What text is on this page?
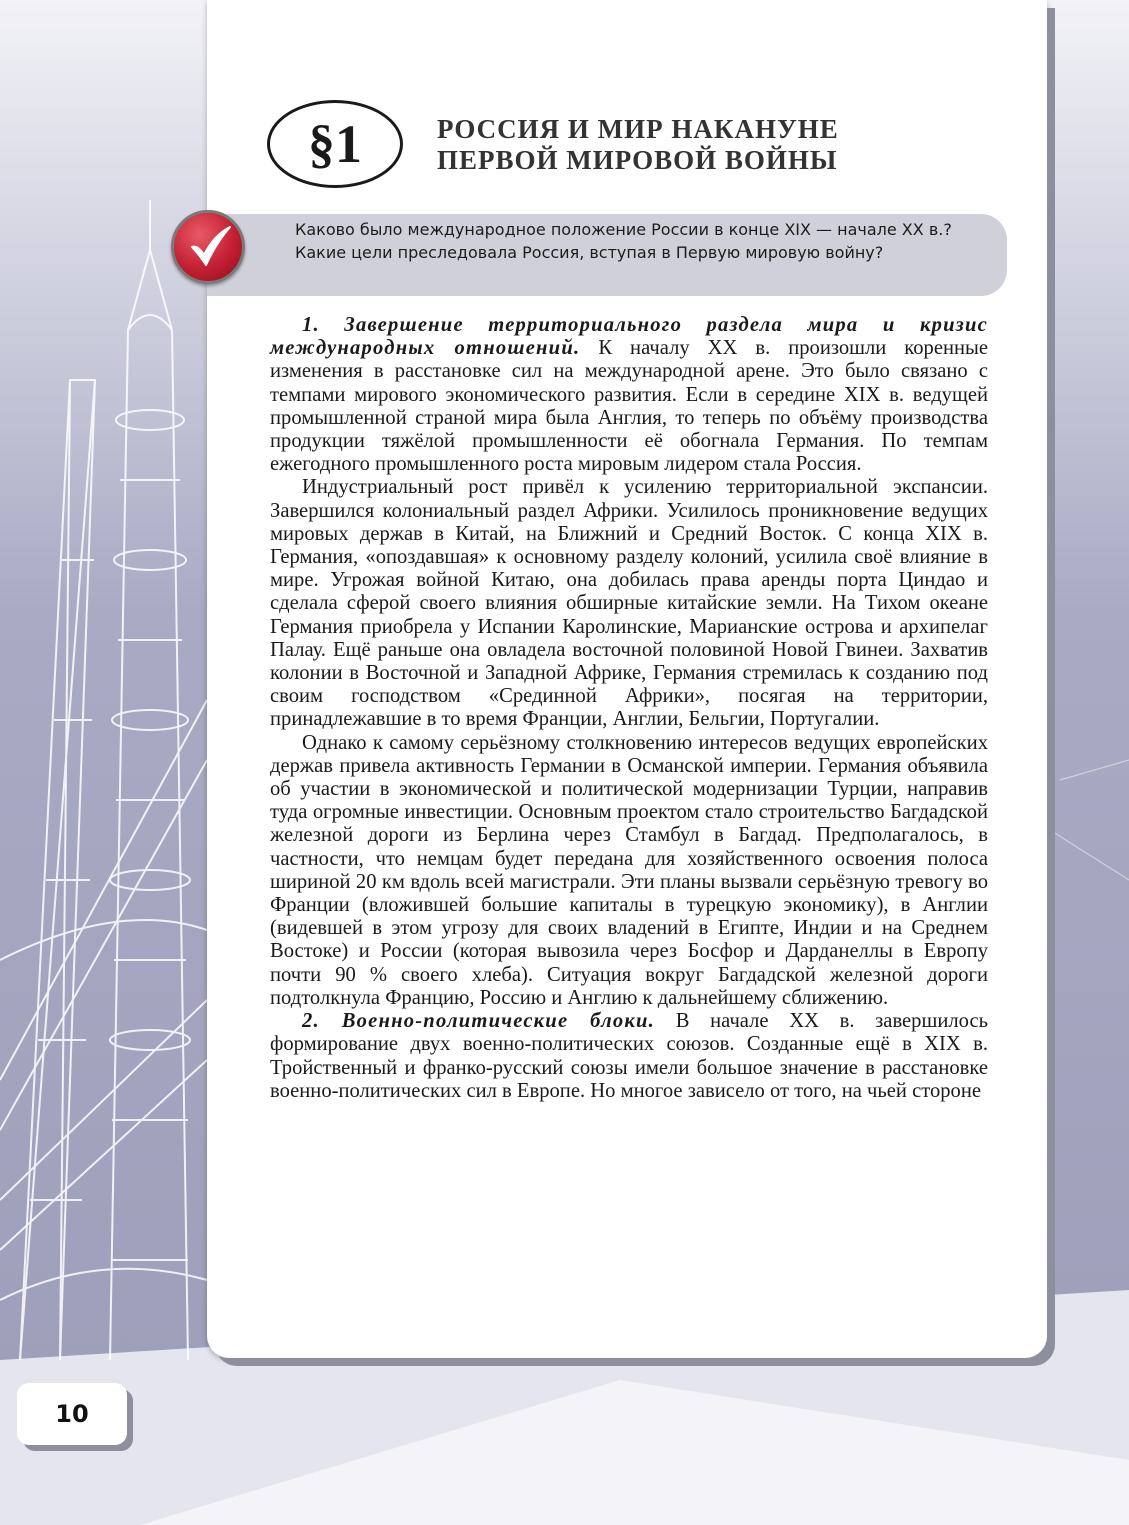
§1	РОССИЯ И МИР НАКАНУНЕ
ПЕРВОЙ МИРОВОЙ ВОЙНЫ
Каково было международное положение России в конце XIX — начале XX в.? Какие цели преследовала Россия, вступая в Первую мировую войну?

1. Завершение территориального раздела мира и кризис международных отношений. К началу XX в. произошли коренные изменения в расстановке сил на международной арене. Это было связано с темпами мирового экономического развития. Если в середине XIX в. ведущей промышленной страной мира была Англия, то теперь по объёму производства продукции тяжёлой промышленности её обогнала Германия. По темпам ежегодного промышленного роста мировым лидером стала Россия.

Индустриальный рост привёл к усилению территориальной экспансии. Завершился колониальный раздел Африки. Усилилось проникновение ведущих мировых держав в Китай, на Ближний и Средний Восток. С конца XIX в. Германия, «опоздавшая» к основному разделу колоний, усилила своё влияние в мире. Угрожая войной Китаю, она добилась права аренды порта Циндао и сделала сферой своего влияния обширные китайские земли. На Тихом океане Германия приобрела у Испании Каролинские, Марианские острова и архипелаг Палау. Ещё раньше она овладела восточной половиной Новой Гвинеи. Захватив колонии в Восточной и Западной Африке, Германия стремилась к созданию под своим господством «Срединной Африки», посягая на территории, принадлежавшие в то время Франции, Англии, Бельгии, Португалии.

Однако к самому серьёзному столкновению интересов ведущих европейских держав привела активность Германии в Османской империи. Германия объявила об участии в экономической и политической модернизации Турции, направив туда огромные инвестиции. Основным проектом стало строительство Багдадской железной дороги из Берлина через Стамбул в Багдад. Предполагалось, в частности, что немцам будет передана для хозяйственного освоения полоса шириной 20 км вдоль всей магистрали. Эти планы вызвали серьёзную тревогу во Франции (вложившей большие капиталы в турецкую экономику), в Англии (видевшей в этом угрозу для своих владений в Египте, Индии и на Среднем Востоке) и России (которая вывозила через Босфор и Дарданеллы в Европу почти 90 % своего хлеба). Ситуация вокруг Багдадской железной дороги подтолкнула Францию, Россию и Англию к дальнейшему сближению.

2. Военно-политические блоки. В начале XX в. завершилось формирование двух военно-политических союзов. Созданные ещё в XIX в. Тройственный и франко-русский союзы имели большое значение в расстановке военно-политических сил в Европе. Но многое зависело от того, на чьей стороне

10
